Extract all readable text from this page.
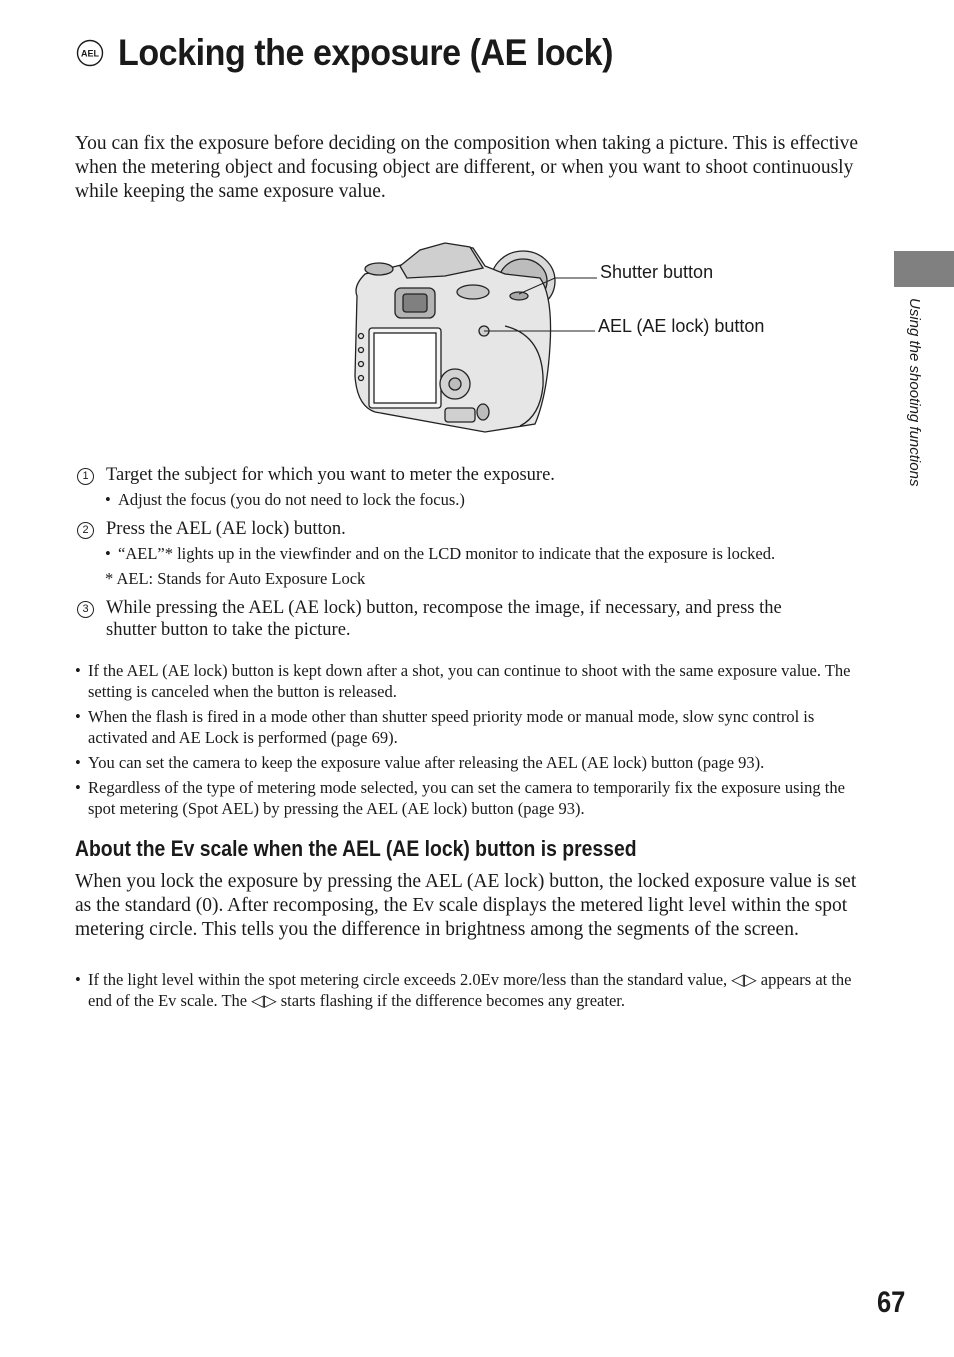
AEL Locking the exposure (AE lock)

You can fix the exposure before deciding on the composition when taking a picture. This is effective when the metering object and focusing object are different, or when you want to shoot continuously while keeping the same exposure value.

Shutter button
AEL (AE lock) button
1 Target the subject for which you want to meter the exposure.
• Adjust the focus (you do not need to lock the focus.)
2 Press the AEL (AE lock) button.
• “AEL”* lights up in the viewfinder and on the LCD monitor to indicate that the exposure is locked.
* AEL: Stands for Auto Exposure Lock
3 While pressing the AEL (AE lock) button, recompose the image, if necessary, and press the shutter button to take the picture.
• If the AEL (AE lock) button is kept down after a shot, you can continue to shoot with the same exposure value. The setting is canceled when the button is released.
• When the flash is fired in a mode other than shutter speed priority mode or manual mode, slow sync control is activated and AE Lock is performed (page 69).
• You can set the camera to keep the exposure value after releasing the AEL (AE lock) button (page 93).
• Regardless of the type of metering mode selected, you can set the camera to temporarily fix the exposure using the spot metering (Spot AEL) by pressing the AEL (AE lock) button (page 93).
About the Ev scale when the AEL (AE lock) button is pressed

When you lock the exposure by pressing the AEL (AE lock) button, the locked exposure value is set as the standard (0). After recomposing, the Ev scale displays the metered light level within the spot metering circle. This tells you the difference in brightness among the segments of the screen.

• If the light level within the spot metering circle exceeds 2.0Ev more/less than the standard value, ◁▷ appears at the end of the Ev scale. The ◁▷ starts flashing if the difference becomes any greater.
Using the shooting functions
67
